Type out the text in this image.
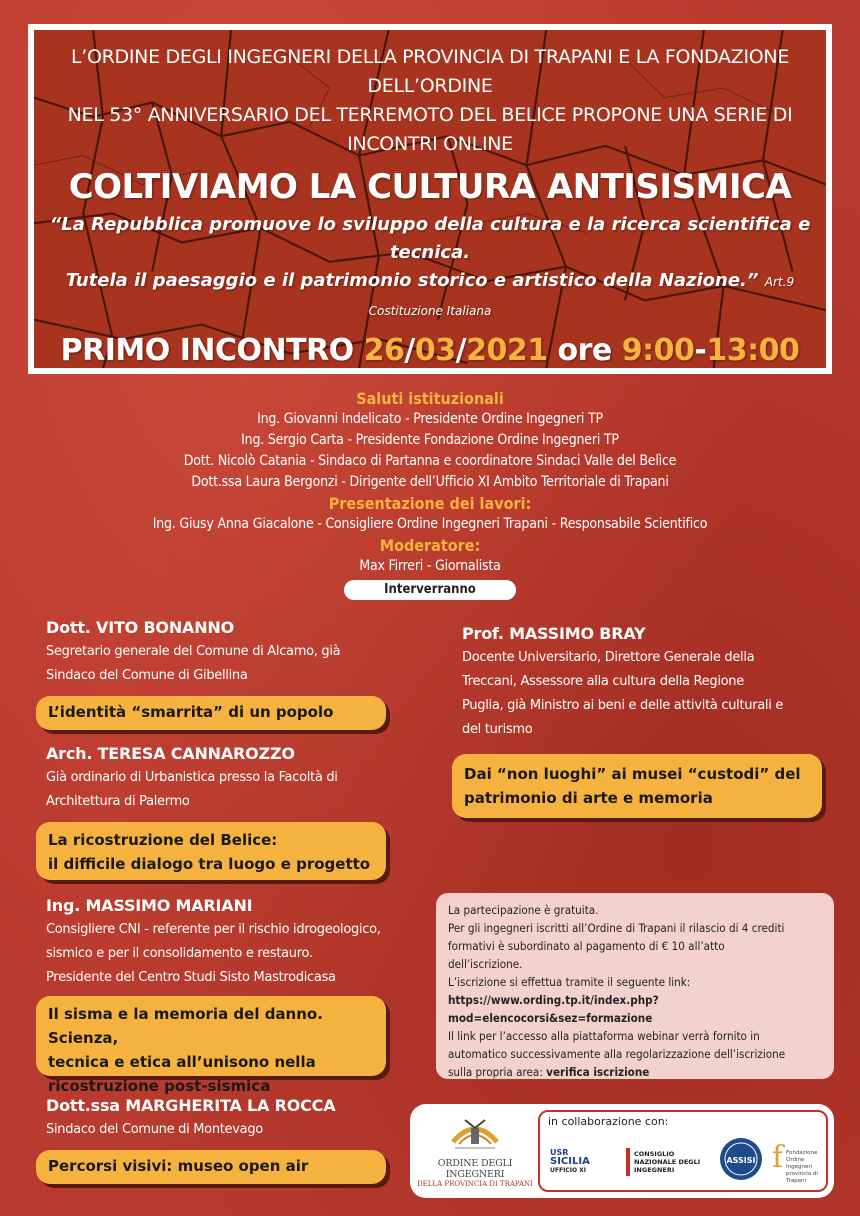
L’ORDINE DEGLI INGEGNERI DELLA PROVINCIA DI TRAPANI E LA FONDAZIONE DELL’ORDINE
NEL 53° ANNIVERSARIO DEL TERREMOTO DEL BELICE PROPONE UNA SERIE DI INCONTRI ONLINE
COLTIVIAMO LA CULTURA ANTISISMICA
“La Repubblica promuove lo sviluppo della cultura e la ricerca scientifica e tecnica.
Tutela il paesaggio e il patrimonio storico e artistico della Nazione.” Art.9 Costituzione Italiana
PRIMO INCONTRO 26/03/2021 ore 9:00-13:00
Saluti istituzionali
Ing. Giovanni Indelicato - Presidente Ordine Ingegneri TP
Ing. Sergio Carta - Presidente Fondazione Ordine Ingegneri TP
Dott. Nicolò Catania - Sindaco di Partanna e coordinatore Sindaci Valle del Belìce
Dott.ssa Laura Bergonzi - Dirigente dell’Ufficio XI Ambito Territoriale di Trapani
Presentazione dei lavori:
Ing. Giusy Anna Giacalone - Consigliere Ordine Ingegneri Trapani - Responsabile Scientifico
Moderatore:
Max Firreri - Giornalista
Interverranno
Dott. VITO BONANNO
Segretario generale del Comune di Alcamo, già
Sindaco del Comune di Gibellina
L’identità “smarrita” di un popolo
Arch. TERESA CANNAROZZO
Già ordinario di Urbanistica presso la Facoltà di
Architettura di Palermo
La ricostruzione del Belice:
il difficile dialogo tra luogo e progetto
Ing. MASSIMO MARIANI
Consigliere CNI - referente per il rischio idrogeologico,
sismico e per il consolidamento e restauro.
Presidente del Centro Studi Sisto Mastrodicasa
Il sisma e la memoria del danno. Scienza,
tecnica e etica all’unisono nella
ricostruzione post-sismica
Dott.ssa MARGHERITA LA ROCCA
Sindaco del Comune di Montevago
Percorsi visivi: museo open air
Prof. MASSIMO BRAY
Docente Universitario, Direttore Generale della
Treccani, Assessore alla cultura della Regione
Puglia, già Ministro ai beni e delle attività culturali e
del turismo
Dai “non luoghi” ai musei “custodi” del
patrimonio di arte e memoria
La partecipazione è gratuita.
Per gli ingegneri iscritti all’Ordine di Trapani il rilascio di 4 crediti
formativi è subordinato al pagamento di € 10 all’atto
dell’iscrizione.
L’iscrizione si effettua tramite il seguente link:
https://www.ording.tp.it/index.php?mod=elencocorsi&sez=formazione
Il link per l’accesso alla piattaforma webinar verrà fornito in
automatico successivamente alla regolarizzazione dell’iscrizione
sulla propria area: verifica iscrizione
ORDINE DEGLI INGEGNERI
DELLA PROVINCIA DI TRAPANI
in collaborazione con:
USR
SICILIA
UFFICIO XI
CONSIGLIO NAZIONALE DEGLI INGEGNERI
ASSISI f Fondazione Ordine Ingegneri provincia di Trapani
